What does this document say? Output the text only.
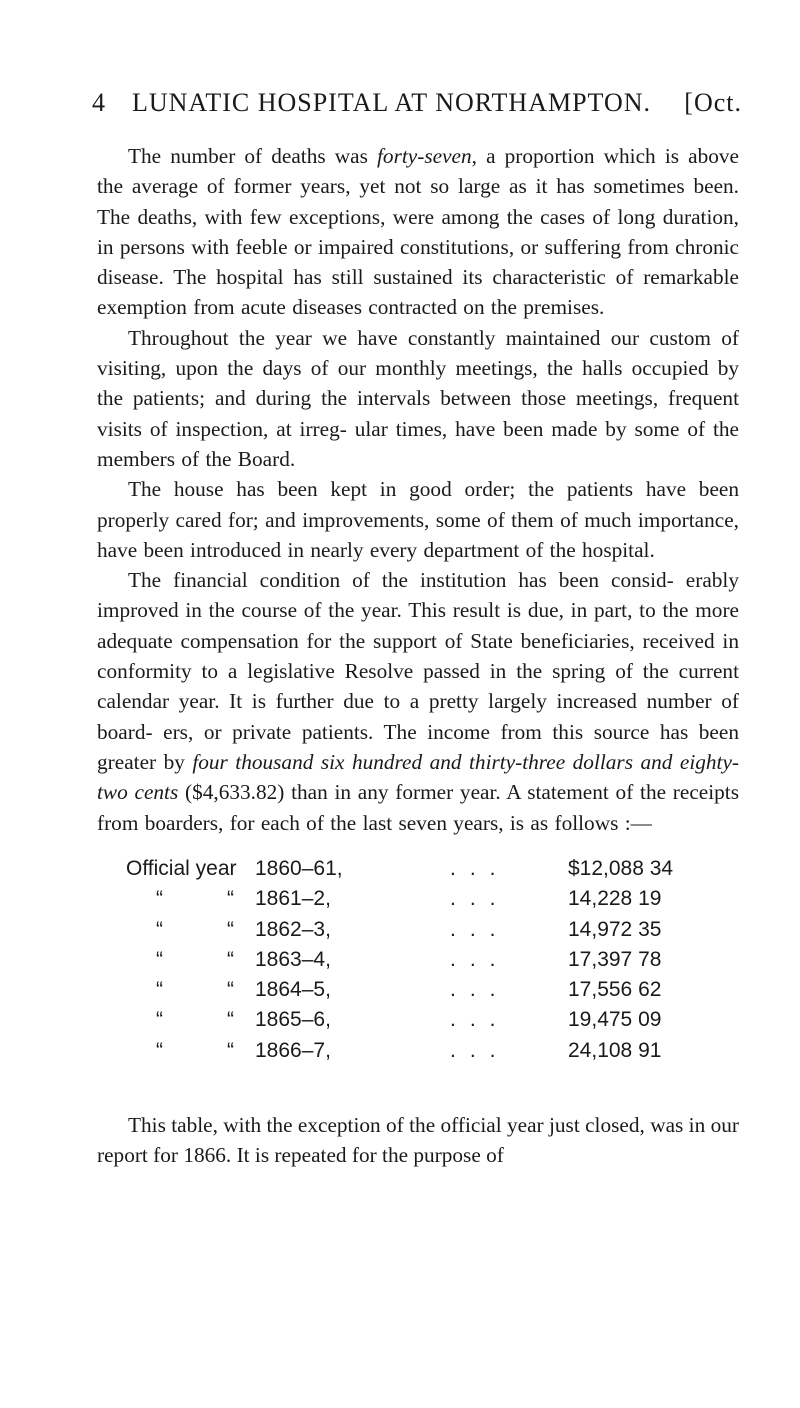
4 LUNATIC HOSPITAL AT NORTHAMPTON. [Oct.

The number of deaths was forty-seven, a proportion which is above the average of former years, yet not so large as it has sometimes been. The deaths, with few exceptions, were among the cases of long duration, in persons with feeble or impaired constitutions, or suffering from chronic disease. The hospital has still sustained its characteristic of remarkable exemption from acute diseases contracted on the premises.

Throughout the year we have constantly maintained our custom of visiting, upon the days of our monthly meetings, the halls occupied by the patients; and during the intervals between those meetings, frequent visits of inspection, at irreg- ular times, have been made by some of the members of the Board.

The house has been kept in good order; the patients have been properly cared for; and improvements, some of them of much importance, have been introduced in nearly every department of the hospital.

The financial condition of the institution has been consid- erably improved in the course of the year. This result is due, in part, to the more adequate compensation for the support of State beneficiaries, received in conformity to a legislative Resolve passed in the spring of the current calendar year. It is further due to a pretty largely increased number of board- ers, or private patients. The income from this source has been greater by four thousand six hundred and thirty-three dollars and eighty-two cents ($4,633.82) than in any former year. A statement of the receipts from boarders, for each of the last seven years, is as follows :—

Official year 1860–61,	...	$12,088 34
“	“ 1861–2,	...	14,228 19
“	“ 1862–3,	...	14,972 35
“	“ 1863–4,	...	17,397 78
“	“ 1864–5,	...	17,556 62
“	“ 1865–6,	...	19,475 09
“	“ 1866–7,	...	24,108 91

This table, with the exception of the official year just closed, was in our report for 1866. It is repeated for the purpose of
